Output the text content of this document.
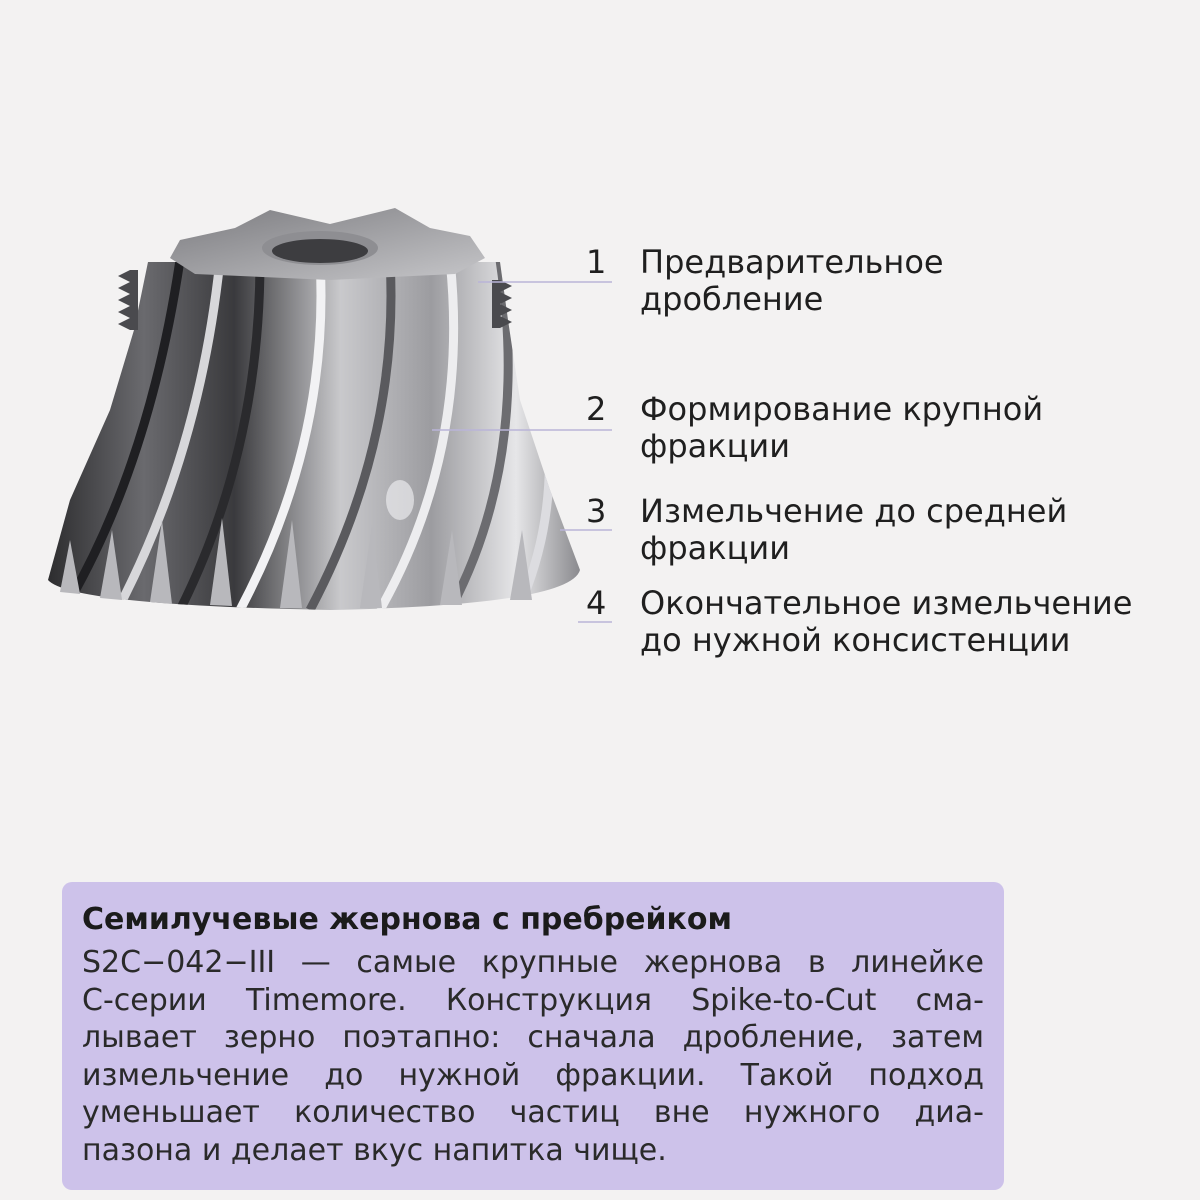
1	Предварительное
дробление
2	Формирование крупной
фракции
3	Измельчение до средней
фракции
4	Окончательное измельчение
до нужной консистенции
Семилучевые жернова с пребрейком
S2C−042−III — самые крупные жернова в линейке
C-серии Timemore. Конструкция Spike-to-Cut сма-
лывает зерно поэтапно: сначала дробление, затем
измельчение до нужной фракции. Такой подход
уменьшает количество частиц вне нужного диа-
пазона и делает вкус напитка чище.
